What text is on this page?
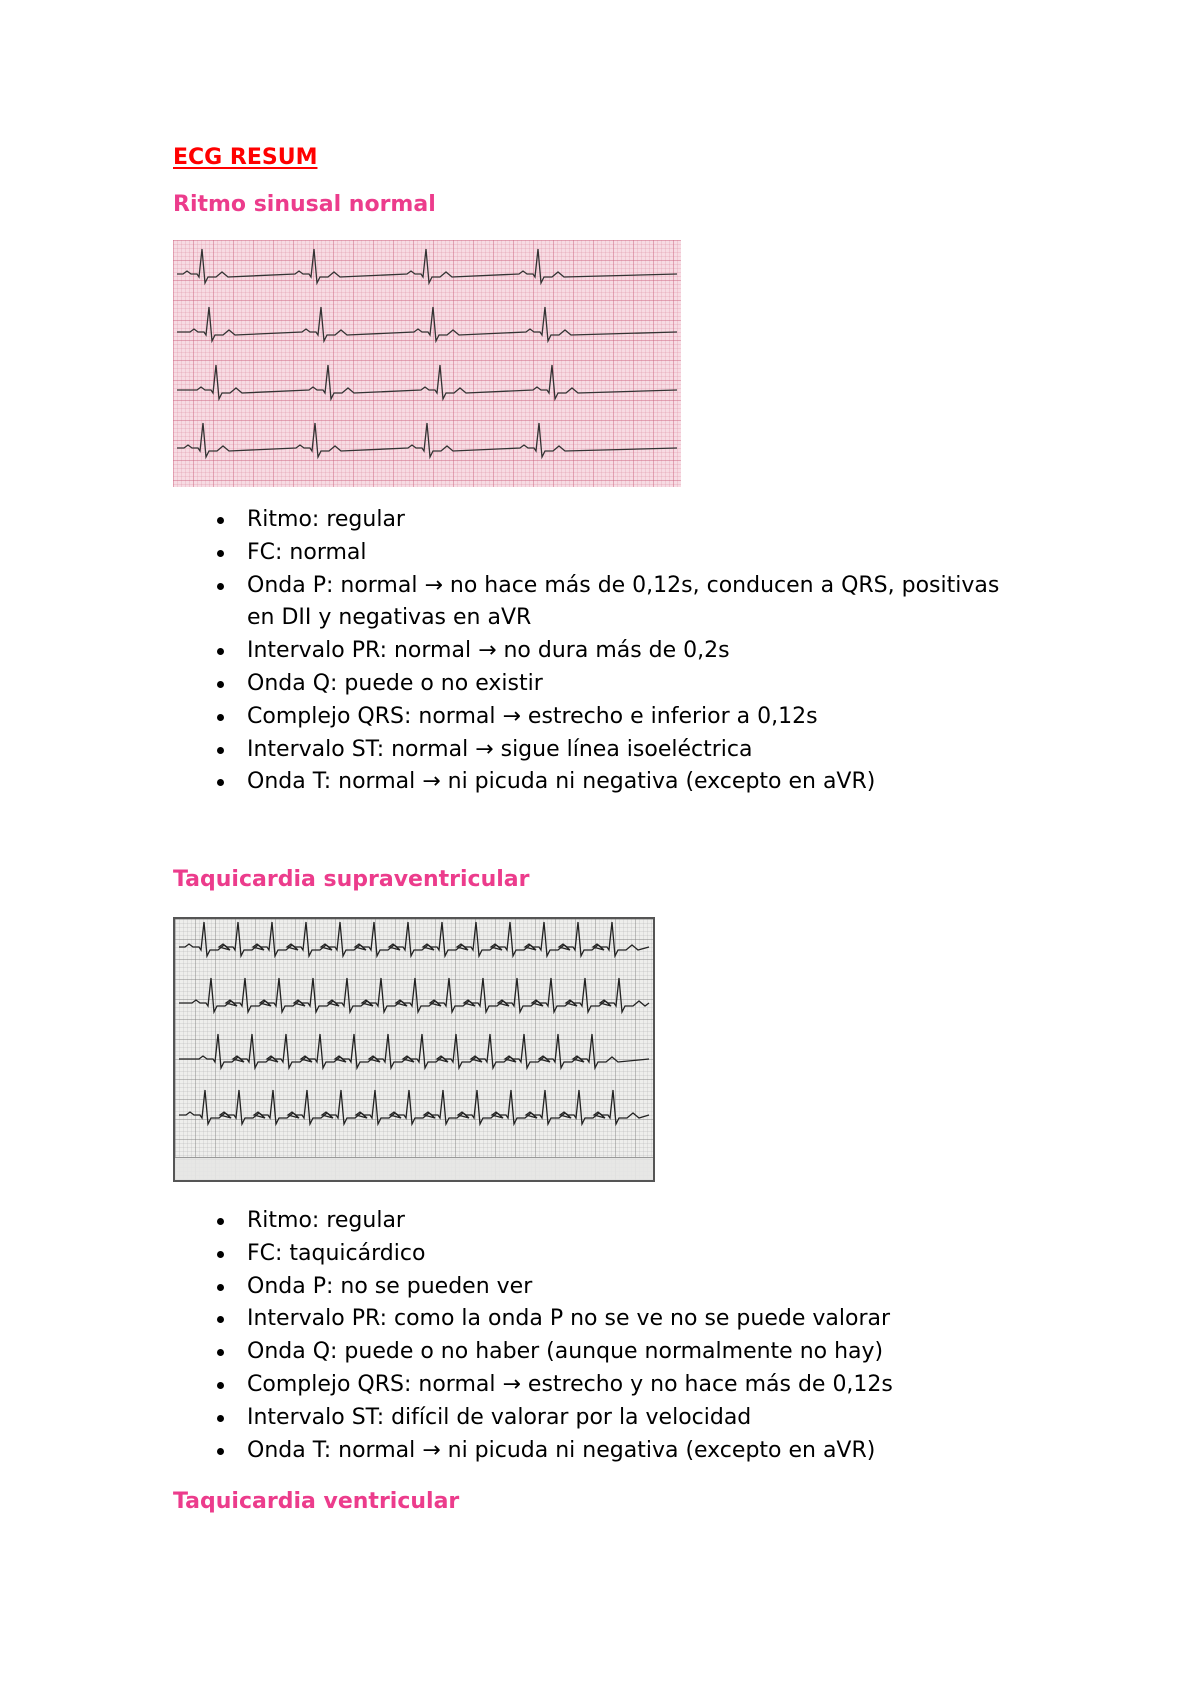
ECG RESUM
Ritmo sinusal normal
Ritmo: regular
FC: normal
Onda P: normal → no hace más de 0,12s, conducen a QRS, positivas en DII y negativas en aVR
Intervalo PR: normal → no dura más de 0,2s
Onda Q: puede o no existir
Complejo QRS: normal → estrecho e inferior a 0,12s
Intervalo ST: normal → sigue línea isoeléctrica
Onda T: normal → ni picuda ni negativa (excepto en aVR)
Taquicardia supraventricular
Ritmo: regular
FC: taquicárdico
Onda P: no se pueden ver
Intervalo PR: como la onda P no se ve no se puede valorar
Onda Q: puede o no haber (aunque normalmente no hay)
Complejo QRS: normal → estrecho y no hace más de 0,12s
Intervalo ST: difícil de valorar por la velocidad
Onda T: normal → ni picuda ni negativa (excepto en aVR)
Taquicardia ventricular
